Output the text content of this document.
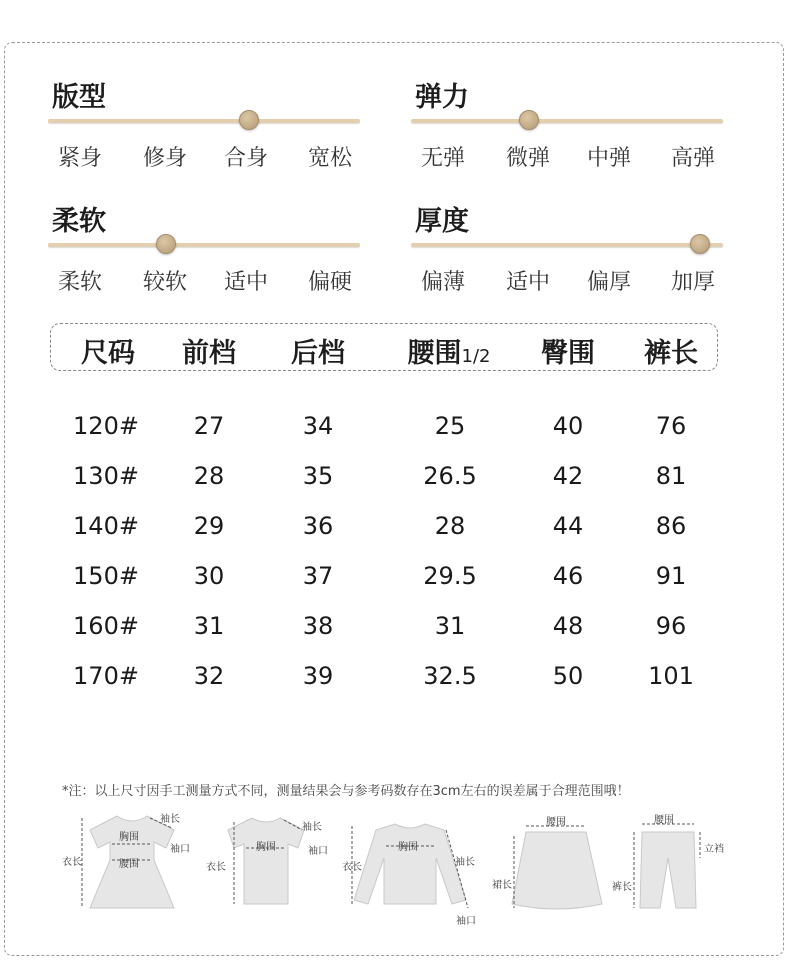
版型
紧身	修身	合身	宽松
弹力
无弹	微弹	中弹	高弹
柔软
柔软	较软	适中	偏硬
厚度
偏薄	适中	偏厚	加厚
尺码 前档 后档 腰围1/2 臀围 裤长
120# 27	34	25	40	76
130# 28	35	26.5	42	81
140# 29	36	28	44	86
150# 30	37	29.5	46	91
160# 31	38	31	48	96
170# 32	39	32.5	50	101
*注：以上尺寸因手工测量方式不同，测量结果会与参考码数存在3cm左右的误差属于合理范围哦！
胸围
腰围
袖长
袖口
衣长
胸围
袖长
袖口
衣长
胸围
袖长
袖口
衣长
腰围
裙长
腰围
立裆
裤长
